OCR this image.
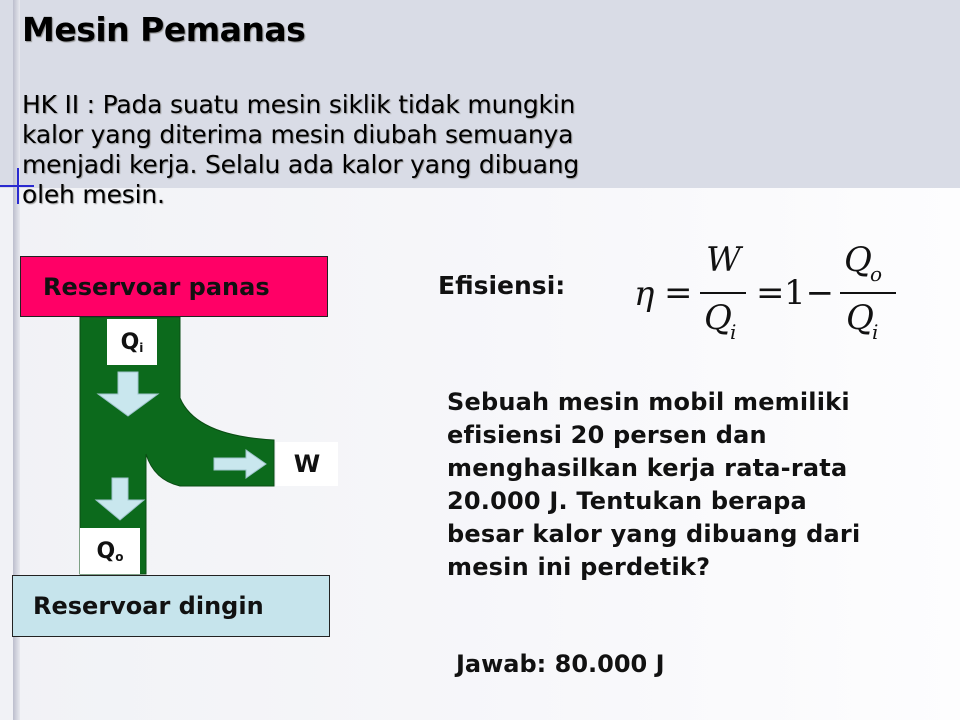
Mesin Pemanas
HK II : Pada suatu mesin siklik tidak mungkin
kalor yang diterima mesin diubah semuanya
menjadi kerja. Selalu ada kalor yang dibuang
oleh mesin.
Reservoar panas
Reservoar dingin
$Q_i$
$Q_o$
W
Efisiensi: η =
W
Q
i
= 1−
Q
o
Q
i
Sebuah mesin mobil memiliki
efisiensi 20 persen dan
menghasilkan kerja rata-rata
20.000 J. Tentukan berapa
besar kalor yang dibuang dari
mesin ini perdetik?
Jawab: 80.000 J
